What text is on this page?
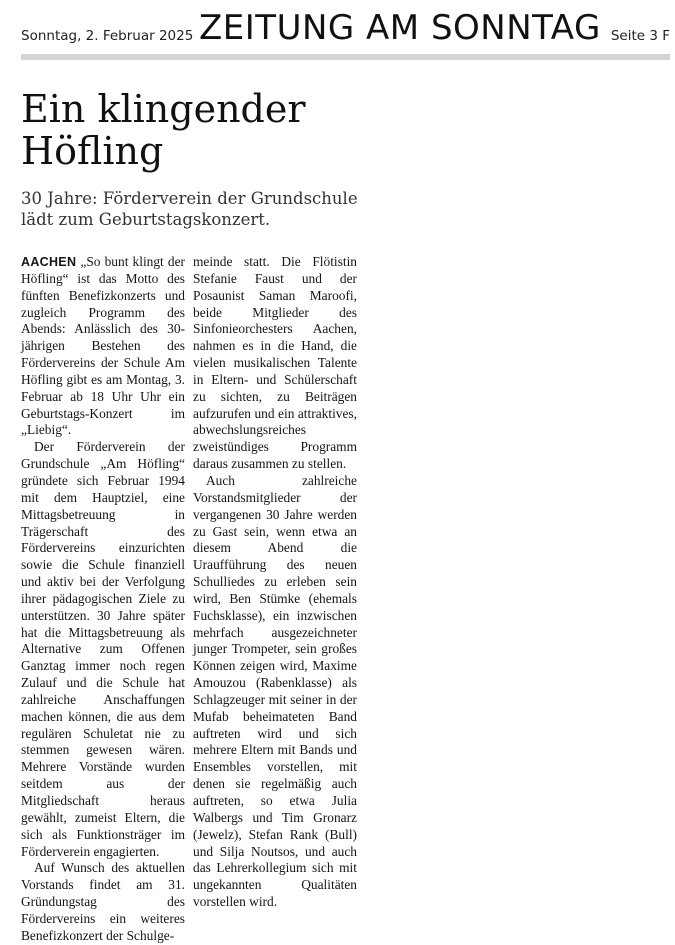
Sonntag, 2. Februar 2025 ZEITUNG AM SONNTAG Seite 3 F
Ein klingender
Höfling

30 Jahre: Förderverein der Grundschule
lädt zum Geburtstagskonzert.

AACHEN „So bunt klingt der Höfling“ ist das Motto des fünften Benefizkonzerts und zugleich Programm des Abends: Anlässlich des 30-jährigen Bestehen des Fördervereins der Schule Am Höfling gibt es am Montag, 3. Februar ab 18 Uhr Uhr ein Geburtstags-Konzert im „Liebig“.

Der Förderverein der Grundschule „Am Höfling“ gründete sich Februar 1994 mit dem Hauptziel, eine Mittagsbetreuung in Trägerschaft des Fördervereins einzurichten sowie die Schule finanziell und aktiv bei der Verfolgung ihrer pädagogischen Ziele zu unterstützen. 30 Jahre später hat die Mittagsbetreuung als Alternative zum Offenen Ganztag immer noch regen Zulauf und die Schule hat zahlreiche Anschaffungen machen können, die aus dem regulären Schuletat nie zu stemmen gewesen wären. Mehrere Vorstände wurden seitdem aus der Mitgliedschaft heraus gewählt, zumeist Eltern, die sich als Funktionsträger im Förderverein engagierten.

Auf Wunsch des aktuellen Vorstands findet am 31. Gründungstag des Fördervereins ein weiteres Benefizkonzert der Schulge-

meinde statt. Die Flötistin Stefanie Faust und der Posaunist Saman Maroofi, beide Mitglieder des Sinfonieorchesters Aachen, nahmen es in die Hand, die vielen musikalischen Talente in Eltern- und Schülerschaft zu sichten, zu Beiträgen aufzurufen und ein attraktives, abwechslungsreiches zweistündiges Programm daraus zusammen zu stellen.

Auch zahlreiche Vorstandsmitglieder der vergangenen 30 Jahre werden zu Gast sein, wenn etwa an diesem Abend die Uraufführung des neuen Schulliedes zu erleben sein wird, Ben Stümke (ehemals Fuchsklasse), ein inzwischen mehrfach ausgezeichneter junger Trompeter, sein großes Können zeigen wird, Maxime Amouzou (Rabenklasse) als Schlagzeuger mit seiner in der Mufab beheimateten Band auftreten wird und sich mehrere Eltern mit Bands und Ensembles vorstellen, mit denen sie regelmäßig auch auftreten, so etwa Julia Walbergs und Tim Gronarz (Jewelz), Stefan Rank (Bull) und Silja Noutsos, und auch das Lehrerkollegium sich mit ungekannten Qualitäten vorstellen wird.
